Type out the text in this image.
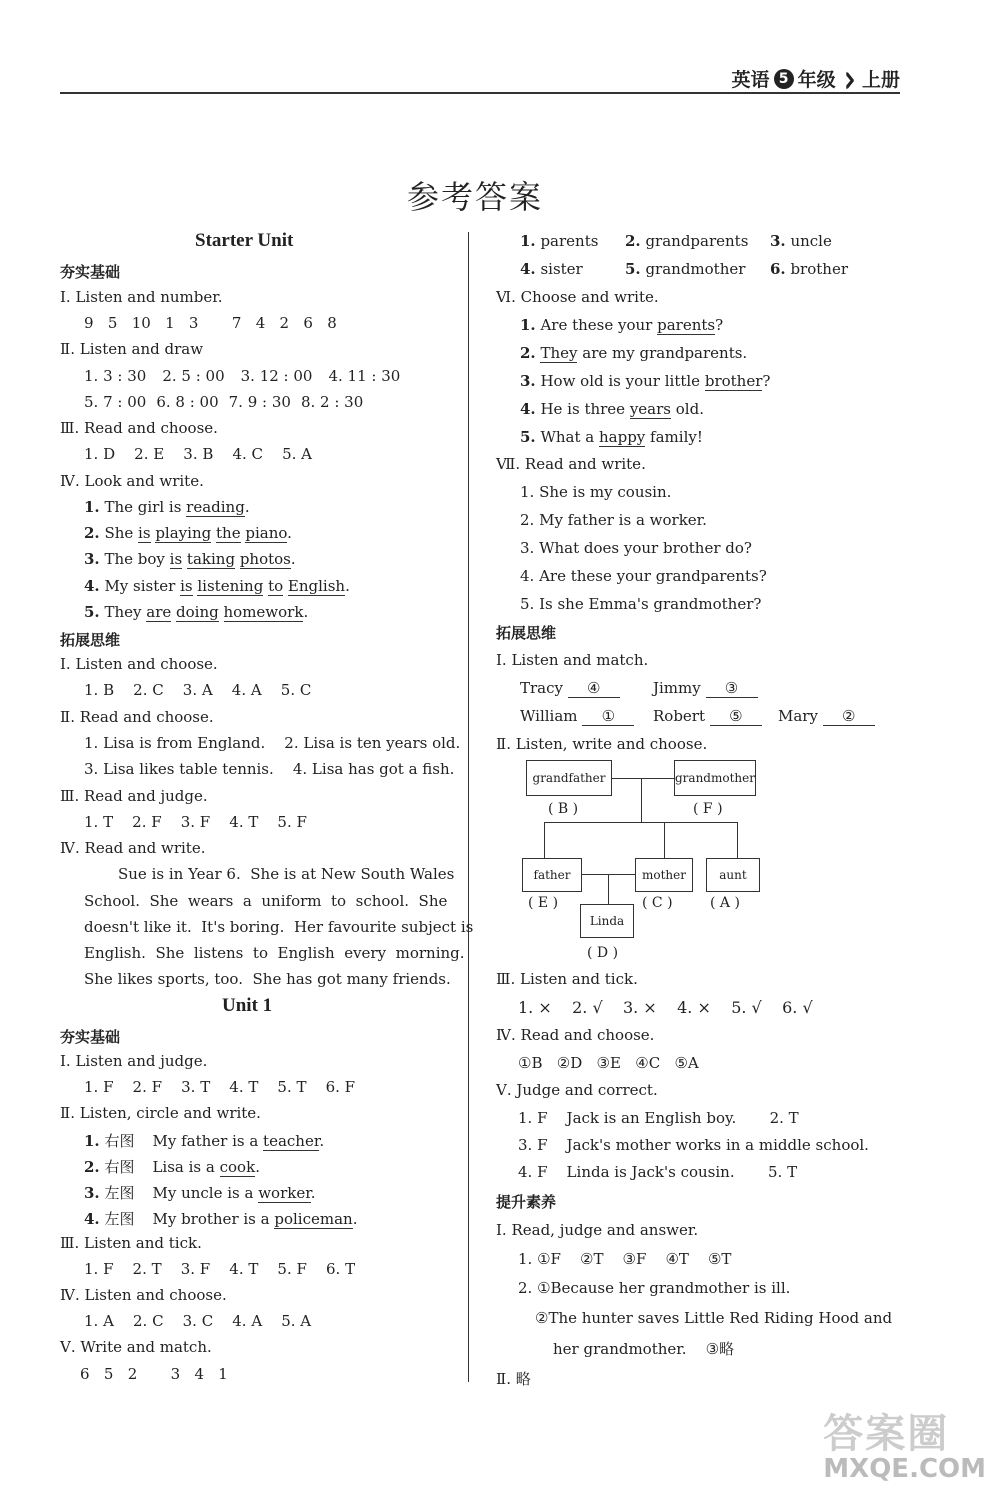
英语 5 年级 ›› 上册
参考答案
Starter Unit
夯实基础
Ⅰ. Listen and number.
9   5   10   1   3       7   4   2   6   8
Ⅱ. Listen and draw
1. 3 : 30 2. 5 : 00 3. 12 : 00 4. 11 : 30
5. 7 : 00 6. 8 : 00 7. 9 : 30 8. 2 : 30
Ⅲ. Read and choose.
1. D    2. E    3. B    4. C    5. A
Ⅳ. Look and write.
1. The girl is reading.
2. She is playing the piano.
3. The boy is taking photos.
4. My sister is listening to English.
5. They are doing homework.
拓展思维
Ⅰ. Listen and choose.
1. B    2. C    3. A    4. A    5. C
Ⅱ. Read and choose.
1. Lisa is from England.    2. Lisa is ten years old.
3. Lisa likes table tennis.    4. Lisa has got a fish.
Ⅲ. Read and judge.
1. T    2. F    3. F    4. T    5. F
Ⅳ. Read and write.
Sue is in Year 6.  She is at New South Wales
School.  She  wears  a  uniform  to  school.  She
doesn't like it.  It's boring.  Her favourite subject is
English.  She  listens  to  English  every  morning.
She likes sports, too.  She has got many friends.
Unit 1
夯实基础
Ⅰ. Listen and judge.
1. F    2. F    3. T    4. T    5. T    6. F
Ⅱ. Listen, circle and write.
1. 右图 My father is a teacher.
2. 右图 Lisa is a cook.
3. 左图 My uncle is a worker.
4. 左图 My brother is a policeman.
Ⅲ. Listen and tick.
1. F    2. T    3. F    4. T    5. F    6. T
Ⅳ. Listen and choose.
1. A    2. C    3. C    4. A    5. A
Ⅴ. Write and match.
6   5   2       3   4   1
1. parents 2. grandparents 3. uncle
4. sister	5. grandmother 6. brother
Ⅵ. Choose and write.
1. Are these your parents?
2. They are my grandparents.
3. How old is your little brother?
4. He is three years old.
5. What a happy family!
Ⅶ. Read and write.
1. She is my cousin.
2. My father is a worker.
3. What does your brother do?
4. Are these your grandparents?
5. Is she Emma's grandmother?
拓展思维
Ⅰ. Listen and match.
Tracy ④	Jimmy ③
William ①	Robert ⑤	Mary ②
Ⅱ. Listen, write and choose.
grandfather	grandmother
( B )	( F )
father	mother	aunt
( E )	( C )	( A )
Linda
( D )
Ⅲ. Listen and tick.
1. ×    2. √    3. ×    4. ×    5. √    6. √
Ⅳ. Read and choose.
①B   ②D   ③E   ④C   ⑤A
Ⅴ. Judge and correct.
1. F    Jack is an English boy.       2. T
3. F    Jack's mother works in a middle school.
4. F    Linda is Jack's cousin.       5. T
提升素养
Ⅰ. Read, judge and answer.
1. ①F    ②T    ③F    ④T    ⑤T
2. ①Because her grandmother is ill.
②The hunter saves Little Red Riding Hood and
her grandmother.    ③略
Ⅱ. 略
答案圈
MXQE.COM
